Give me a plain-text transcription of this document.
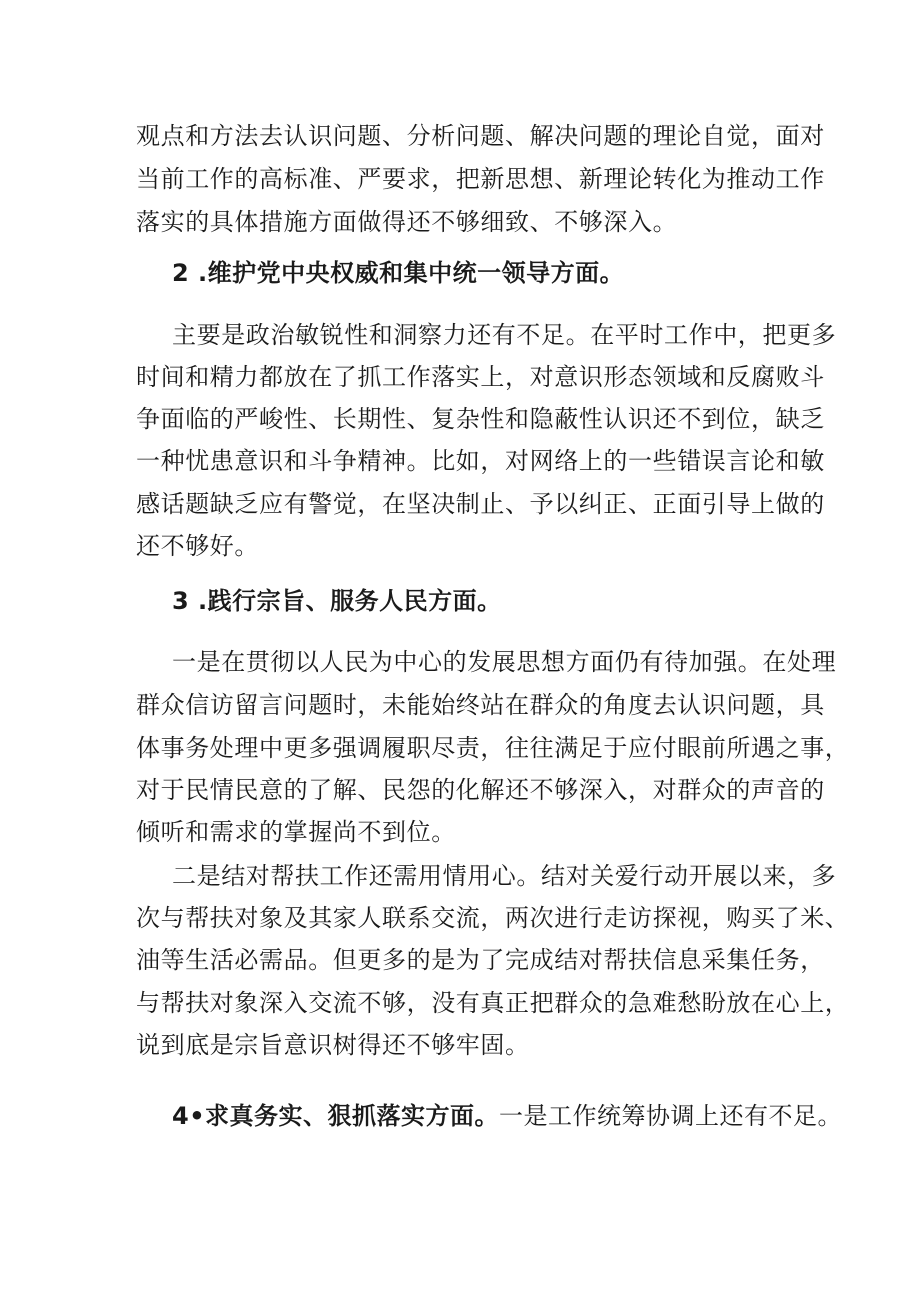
观点和方法去认识问题、分析问题、解决问题的理论自觉，面对
当前工作的高标准、严要求，把新思想、新理论转化为推动工作
落实的具体措施方面做得还不够细致、不够深入。
2 .维护党中央权威和集中统一领导方面。
主要是政治敏锐性和洞察力还有不足。在平时工作中，把更多
时间和精力都放在了抓工作落实上，对意识形态领域和反腐败斗
争面临的严峻性、长期性、复杂性和隐蔽性认识还不到位，缺乏
一种忧患意识和斗争精神。比如，对网络上的一些错误言论和敏
感话题缺乏应有警觉，在坚决制止、予以纠正、正面引导上做的
还不够好。
3 .践行宗旨、服务人民方面。
一是在贯彻以人民为中心的发展思想方面仍有待加强。在处理
群众信访留言问题时，未能始终站在群众的角度去认识问题，具
体事务处理中更多强调履职尽责，往往满足于应付眼前所遇之事，
对于民情民意的了解、民怨的化解还不够深入，对群众的声音的
倾听和需求的掌握尚不到位。
二是结对帮扶工作还需用情用心。结对关爱行动开展以来，多
次与帮扶对象及其家人联系交流，两次进行走访探视，购买了米、
油等生活必需品。但更多的是为了完成结对帮扶信息采集任务，
与帮扶对象深入交流不够，没有真正把群众的急难愁盼放在心上，
说到底是宗旨意识树得还不够牢固。
4•求真务实、狠抓落实方面。一是工作统筹协调上还有不足。
